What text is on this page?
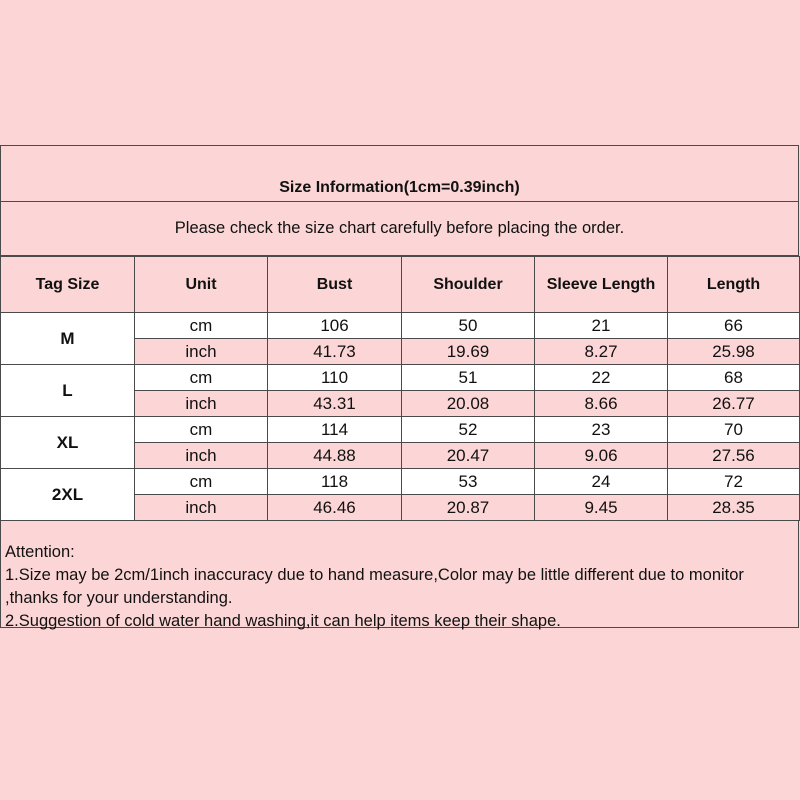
Size Information(1cm=0.39inch)
Please check the size chart carefully before placing the order.
Tag Size	Unit	Bust	Shoulder	Sleeve Length	Length
M	cm	106	50	21	66
	inch	41.73	19.69	8.27	25.98
L	cm	110	51	22	68
	inch	43.31	20.08	8.66	26.77
XL	cm	114	52	23	70
	inch	44.88	20.47	9.06	27.56
2XL	cm	118	53	24	72
	inch	46.46	20.87	9.45	28.35
Attention:
1.Size may be 2cm/1inch inaccuracy due to hand measure,Color may be little different due to monitor ,thanks for your understanding.
2.Suggestion of cold water hand washing,it can help items keep their shape.
